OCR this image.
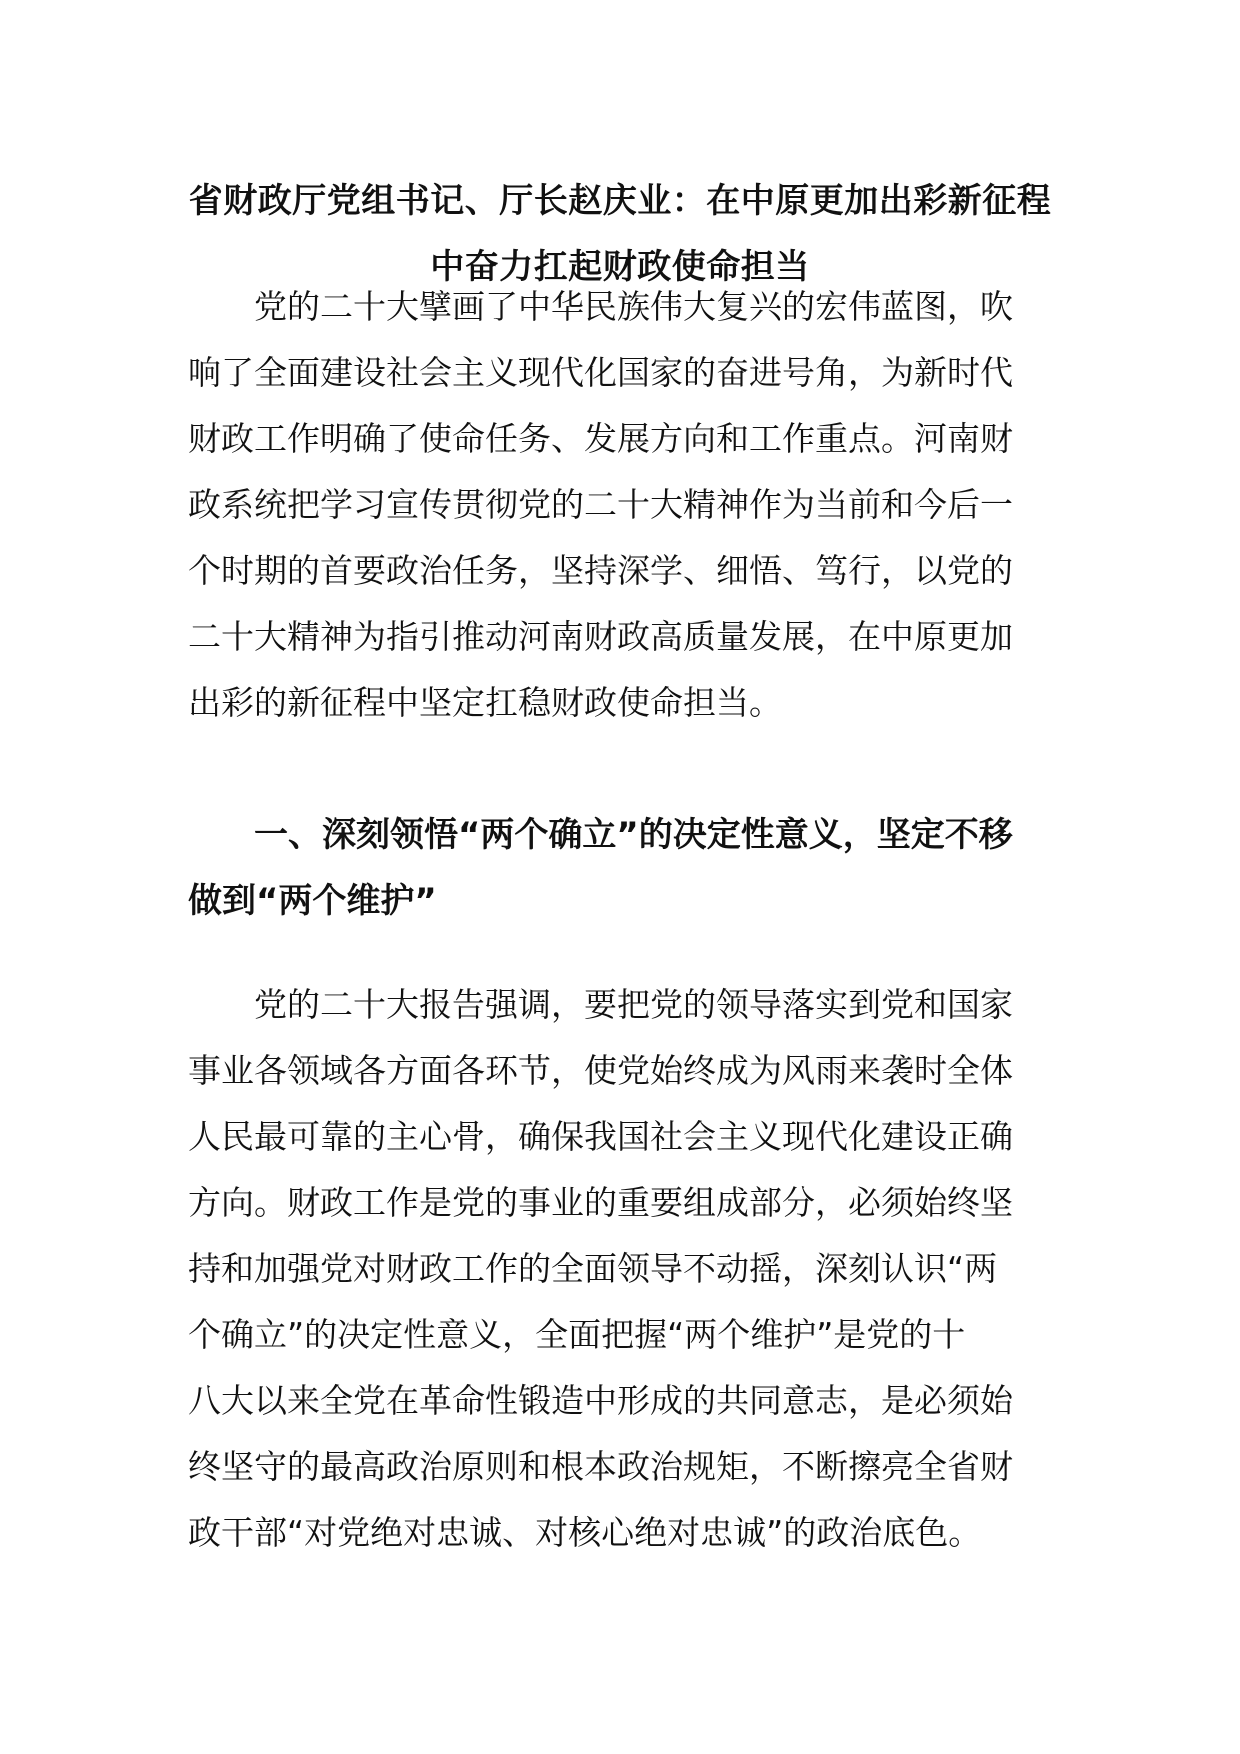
省财政厅党组书记、厅长赵庆业：在中原更加出彩新征程
中奋力扛起财政使命担当

党的二十大擘画了中华民族伟大复兴的宏伟蓝图，吹
响了全面建设社会主义现代化国家的奋进号角，为新时代
财政工作明确了使命任务、发展方向和工作重点。河南财
政系统把学习宣传贯彻党的二十大精神作为当前和今后一
个时期的首要政治任务，坚持深学、细悟、笃行，以党的
二十大精神为指引推动河南财政高质量发展，在中原更加
出彩的新征程中坚定扛稳财政使命担当。

一、深刻领悟“两个确立”的决定性意义，坚定不移
做到“两个维护”

党的二十大报告强调，要把党的领导落实到党和国家
事业各领域各方面各环节，使党始终成为风雨来袭时全体
人民最可靠的主心骨，确保我国社会主义现代化建设正确
方向。财政工作是党的事业的重要组成部分，必须始终坚
持和加强党对财政工作的全面领导不动摇，深刻认识“两
个确立”的决定性意义，全面把握“两个维护”是党的十
八大以来全党在革命性锻造中形成的共同意志，是必须始
终坚守的最高政治原则和根本政治规矩，不断擦亮全省财
政干部“对党绝对忠诚、对核心绝对忠诚”的政治底色。
